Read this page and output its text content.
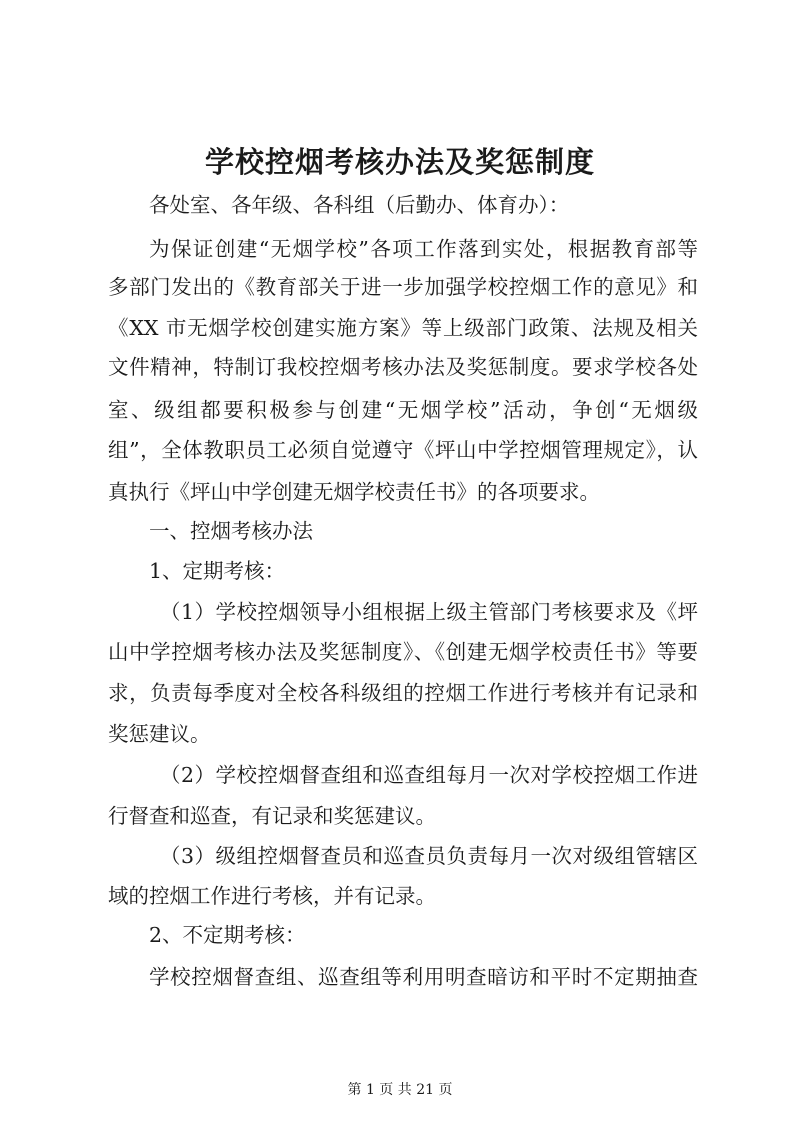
学校控烟考核办法及奖惩制度

各处室、各年级、各科组（后勤办、体育办）：

为保证创建“无烟学校”各项工作落到实处，根据教育部等

多部门发出的《教育部关于进一步加强学校控烟工作的意见》和

《XX 市无烟学校创建实施方案》等上级部门政策、法规及相关

文件精神，特制订我校控烟考核办法及奖惩制度。要求学校各处

室、级组都要积极参与创建“无烟学校”活动，争创“无烟级

组”，全体教职员工必须自觉遵守《坪山中学控烟管理规定》，认

真执行《坪山中学创建无烟学校责任书》的各项要求。

一、控烟考核办法

1、定期考核：

（1）学校控烟领导小组根据上级主管部门考核要求及《坪

山中学控烟考核办法及奖惩制度》、《创建无烟学校责任书》等要

求，负责每季度对全校各科级组的控烟工作进行考核并有记录和

奖惩建议。

（2）学校控烟督查组和巡查组每月一次对学校控烟工作进

行督查和巡查，有记录和奖惩建议。

（3）级组控烟督查员和巡查员负责每月一次对级组管辖区

域的控烟工作进行考核，并有记录。

2、不定期考核：

学校控烟督查组、巡查组等利用明查暗访和平时不定期抽查

第 1 页 共 21 页
